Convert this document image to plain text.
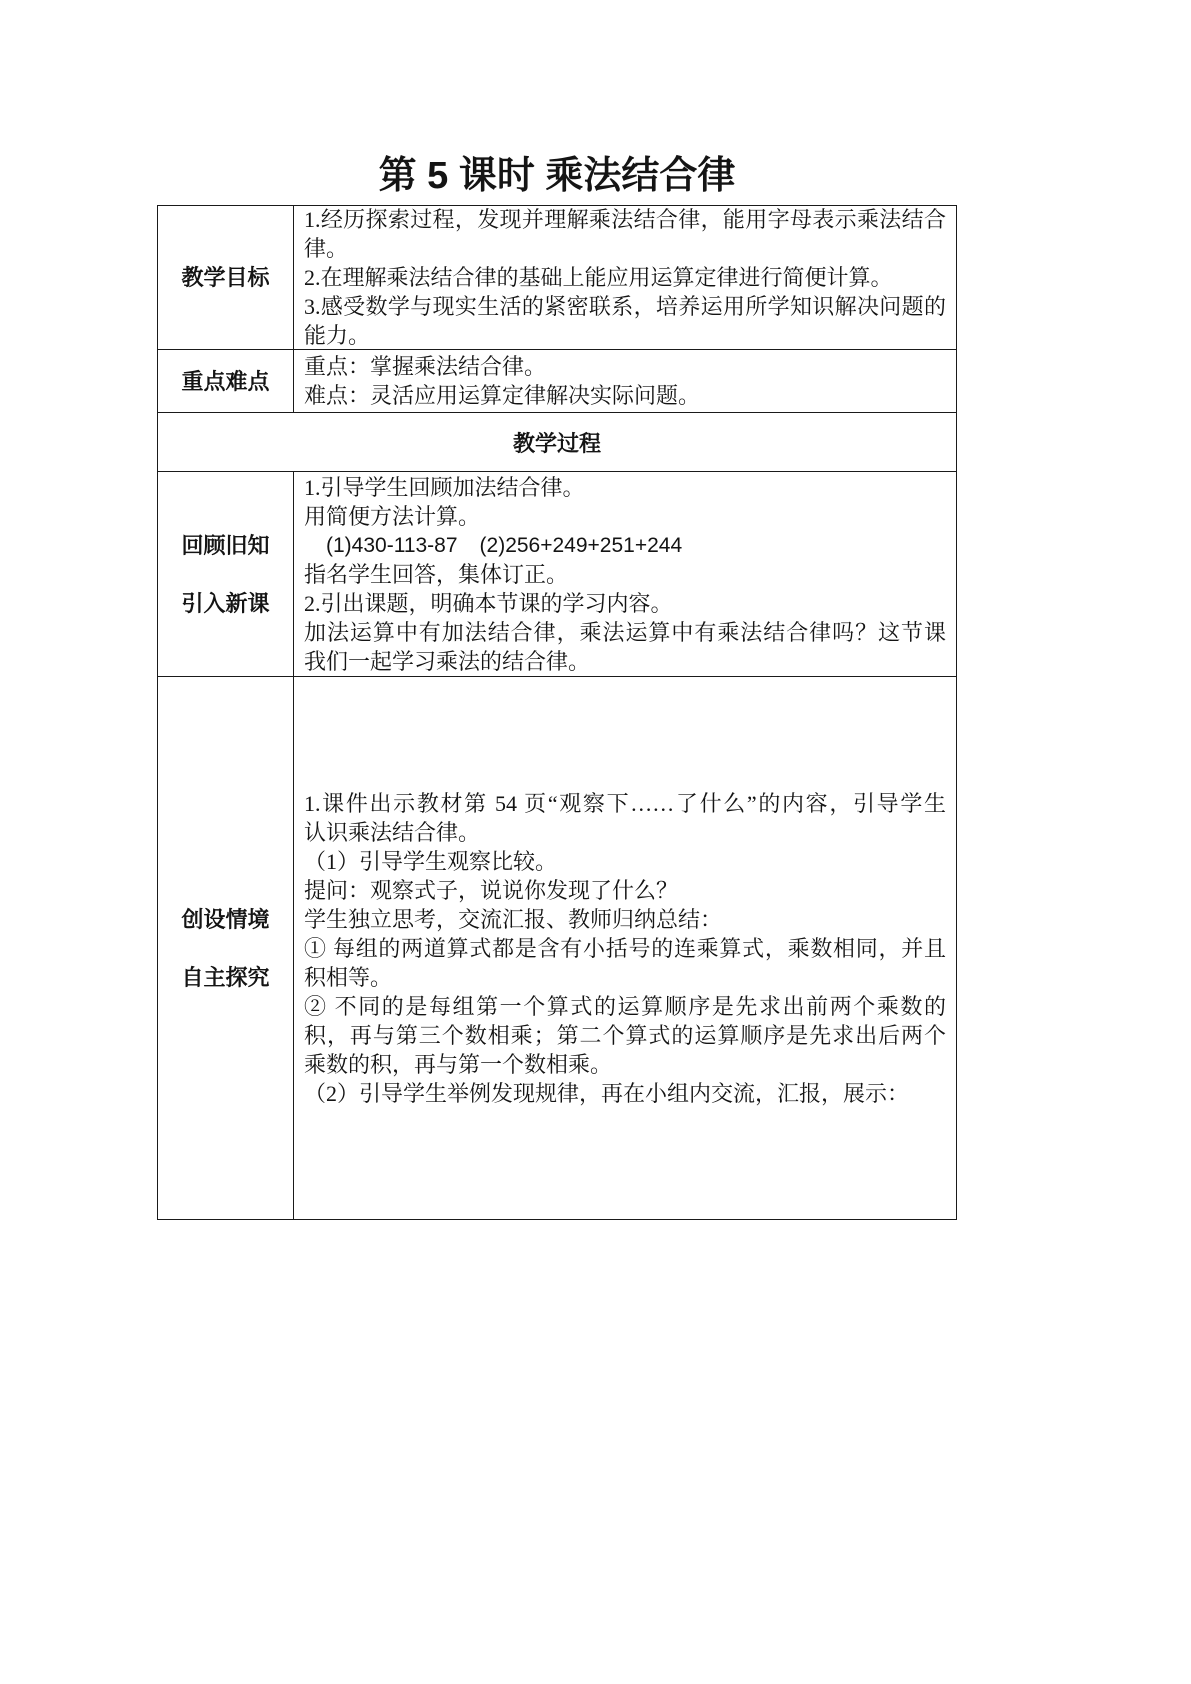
第 5 课时 乘法结合律
教学目标
1.经历探索过程，发现并理解乘法结合律，能用字母表示乘法结合
律。
2.在理解乘法结合律的基础上能应用运算定律进行简便计算。
3.感受数学与现实生活的紧密联系，培养运用所学知识解决问题的
能力。
重点难点
重点：掌握乘法结合律。
难点：灵活应用运算定律解决实际问题。
教学过程
回顾旧知
引入新课
1.引导学生回顾加法结合律。
用简便方法计算。
(1)430-113-87 (2)256+249+251+244
指名学生回答，集体订正。
2.引出课题，明确本节课的学习内容。
加法运算中有加法结合律，乘法运算中有乘法结合律吗？这节课
我们一起学习乘法的结合律。
创设情境
自主探究
1.课件出示教材第 54 页“观察下……了什么”的内容，引导学生
认识乘法结合律。
（1）引导学生观察比较。
提问：观察式子，说说你发现了什么？
学生独立思考，交流汇报、教师归纳总结：
① 每组的两道算式都是含有小括号的连乘算式，乘数相同，并且
积相等。
② 不同的是每组第一个算式的运算顺序是先求出前两个乘数的
积，再与第三个数相乘；第二个算式的运算顺序是先求出后两个
乘数的积，再与第一个数相乘。
（2）引导学生举例发现规律，再在小组内交流，汇报，展示：
